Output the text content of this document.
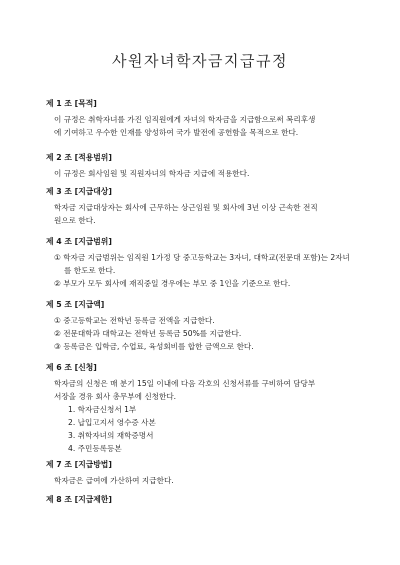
사원자녀학자금지급규정
제 1 조 [목적]
이 규정은 취학자녀를 가진 임직원에게 자녀의 학자금을 지급함으로써 복리후생
에 기여하고 우수한 인재를 양성하여 국가 발전에 공헌함을 목적으로 한다.
제 2 조 [적용범위]
이 규정은 회사임원 및 직원자녀의 학자금 지급에 적용한다.
제 3 조 [지급대상]
학자금 지급대상자는 회사에 근무하는 상근임원 및 회사에 3년 이상 근속한 전직
원으로 한다.
제 4 조 [지급범위]
① 학자금 지급범위는 임직원 1가정 당 중고등학교는 3자녀, 대학교(전문대 포함)는 2자녀를 한도로 한다.
② 부모가 모두 회사에 재직중일 경우에는 부모 중 1인을 기준으로 한다.
제 5 조 [지급액]
① 중고등학교는 전학년 등록금 전액을 지급한다.
② 전문대학과 대학교는 전학년 등록금 50%를 지급한다.
③ 등록금은 입학금, 수업료, 육성회비를 합한 금액으로 한다.
제 6 조 [신청]
학자금의 신청은 매 분기 15일 이내에 다음 각호의 신청서류를 구비하여 담당부
서장을 경유 회사 총무부에 신청한다.
1. 학자금신청서 1부
2. 납입고지서 영수증 사본
3. 취학자녀의 재학증명서
4. 주민등록등본
제 7 조 [지급방법]
학자금은 급여에 가산하여 지급한다.
제 8 조 [지급제한]
